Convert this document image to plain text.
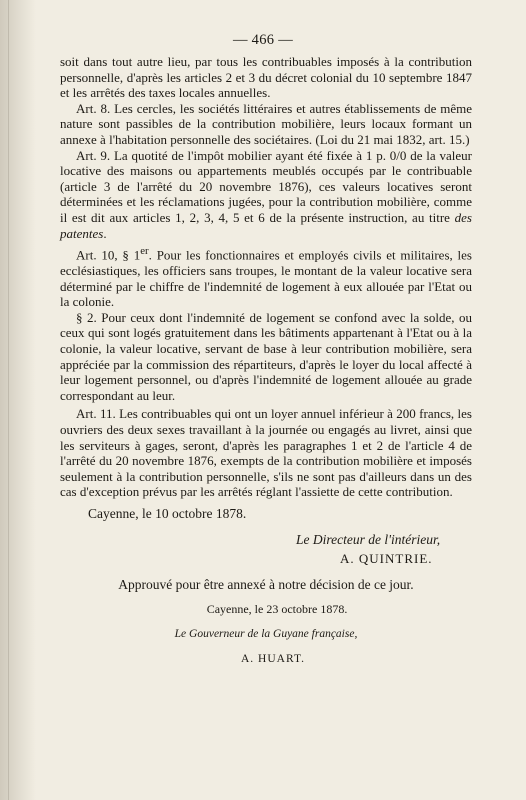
— 466 —

soit dans tout autre lieu, par tous les contribuables imposés à la contribution personnelle, d'après les articles 2 et 3 du décret colonial du 10 septembre 1847 et les arrêtés des taxes locales annuelles.

Art. 8. Les cercles, les sociétés littéraires et autres établissements de même nature sont passibles de la contribution mobilière, leurs locaux formant un annexe à l'habitation personnelle des sociétaires. (Loi du 21 mai 1832, art. 15.)

Art. 9. La quotité de l'impôt mobilier ayant été fixée à 1 p. 0/0 de la valeur locative des maisons ou appartements meublés occupés par le contribuable (article 3 de l'arrêté du 20 novembre 1876), ces valeurs locatives seront déterminées et les réclamations jugées, pour la contribution mobilière, comme il est dit aux articles 1, 2, 3, 4, 5 et 6 de la présente instruction, au titre des patentes.

Art. 10, § 1er. Pour les fonctionnaires et employés civils et militaires, les ecclésiastiques, les officiers sans troupes, le montant de la valeur locative sera déterminé par le chiffre de l'indemnité de logement à eux allouée par l'Etat ou la colonie.

§ 2. Pour ceux dont l'indemnité de logement se confond avec la solde, ou ceux qui sont logés gratuitement dans les bâtiments appartenant à l'Etat ou à la colonie, la valeur locative, servant de base à leur contribution mobilière, sera appréciée par la commission des répartiteurs, d'après le loyer du local affecté à leur logement personnel, ou d'après l'indemnité de logement allouée au grade correspondant au leur.

Art. 11. Les contribuables qui ont un loyer annuel inférieur à 200 francs, les ouvriers des deux sexes travaillant à la journée ou engagés au livret, ainsi que les serviteurs à gages, seront, d'après les paragraphes 1 et 2 de l'article 4 de l'arrêté du 20 novembre 1876, exempts de la contribution mobilière et imposés seulement à la contribution personnelle, s'ils ne sont pas d'ailleurs dans un des cas d'exception prévus par les arrêtés réglant l'assiette de cette contribution.

Cayenne, le 10 octobre 1878.
Le Directeur de l'intérieur,
A. QUINTRIE.
Approuvé pour être annexé à notre décision de ce jour.
Cayenne, le 23 octobre 1878.
Le Gouverneur de la Guyane française,
A. HUART.
